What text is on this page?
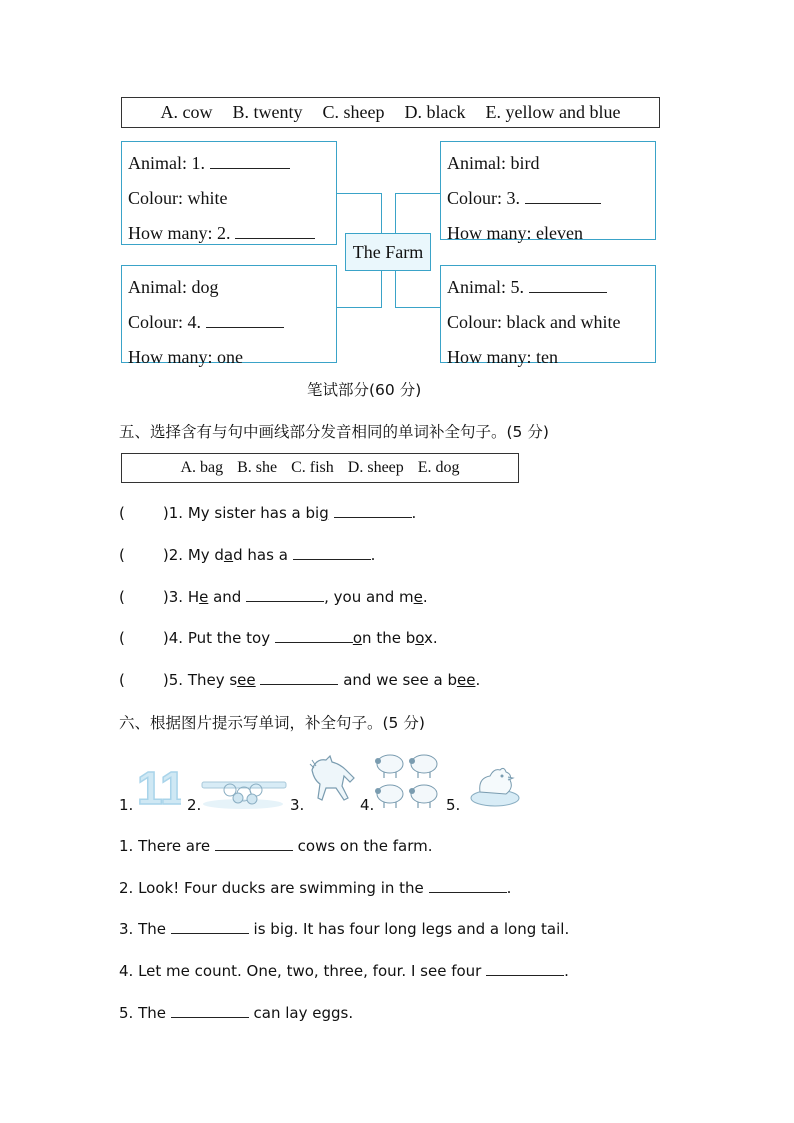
A. cow B. twenty C. sheep D. black E. yellow and blue
Animal: 1.
Colour: white
How many: 2.
Animal: bird
Colour: 3.
How many: eleven
Animal: dog
Colour: 4.
How many: one
Animal: 5.
Colour: black and white
How many: ten
The Farm
笔试部分(60 分)
五、选择含有与句中画线部分发音相同的单词补全句子。(5 分)
A. bag B. she C. fish D. sheep E. dog
(	)1. My sister has a big	.
(	)2. My dad has a	.
(	)3. He and	, you and me.
(	)4. Put the toy	on the box.
(	)5. They see	and we see a bee.
六、根据图片提示写单词，补全句子。(5 分)
1. 11 2.	3.	4.	5.
1. There are	cows on the farm.
2. Look! Four ducks are swimming in the	.
3. The	is big. It has four long legs and a long tail.
4. Let me count. One, two, three, four. I see four	.
5. The	can lay eggs.
